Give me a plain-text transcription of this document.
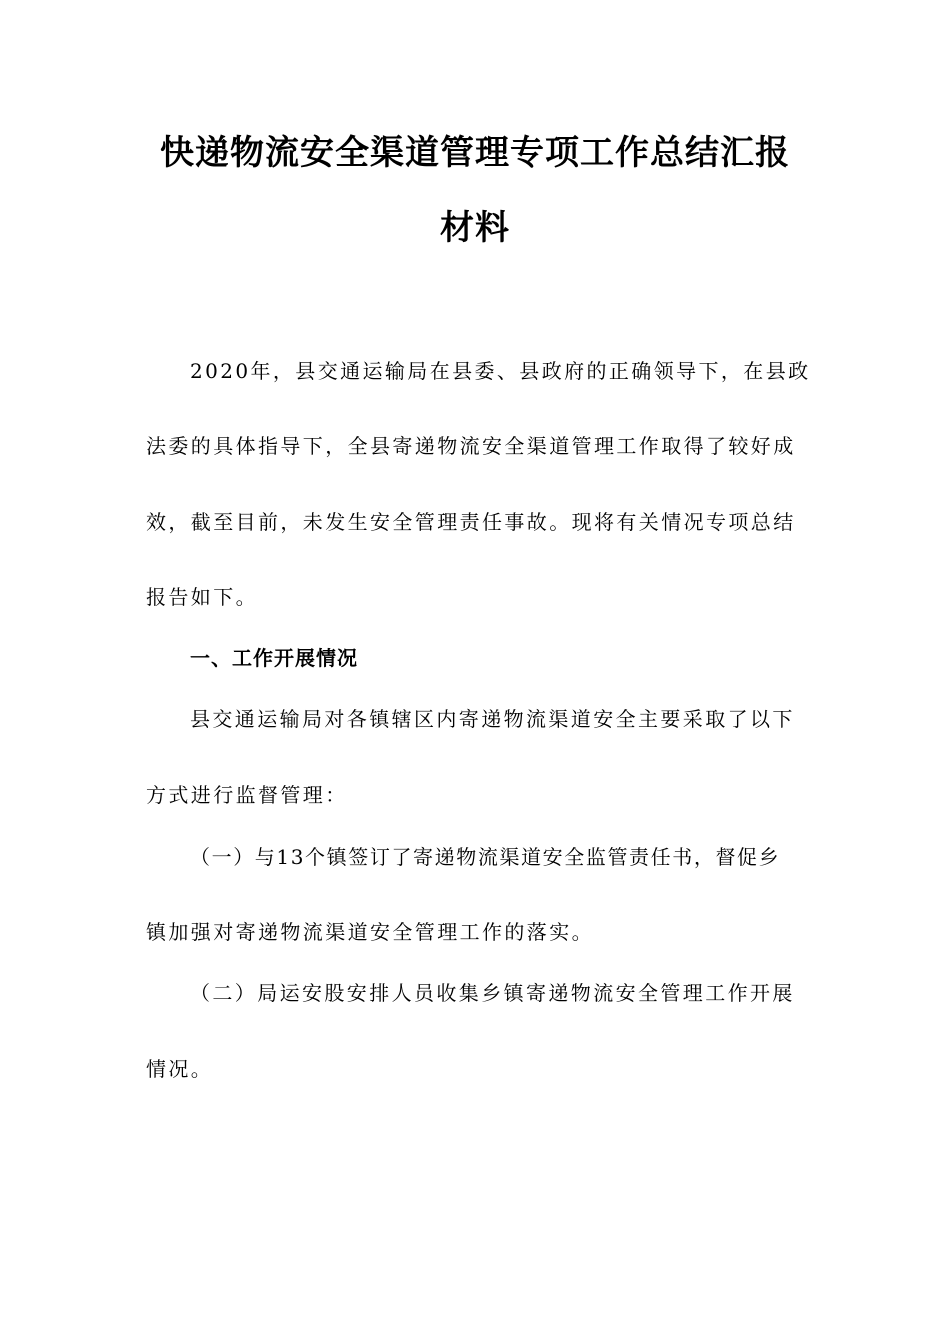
快递物流安全渠道管理专项工作总结汇报
材料
2020年，县交通运输局在县委、县政府的正确领导下，在县政
法委的具体指导下，全县寄递物流安全渠道管理工作取得了较好成
效，截至目前，未发生安全管理责任事故。现将有关情况专项总结
报告如下。
一、工作开展情况
县交通运输局对各镇辖区内寄递物流渠道安全主要采取了以下
方式进行监督管理：
（一）与13个镇签订了寄递物流渠道安全监管责任书，督促乡
镇加强对寄递物流渠道安全管理工作的落实。
（二）局运安股安排人员收集乡镇寄递物流安全管理工作开展
情况。
